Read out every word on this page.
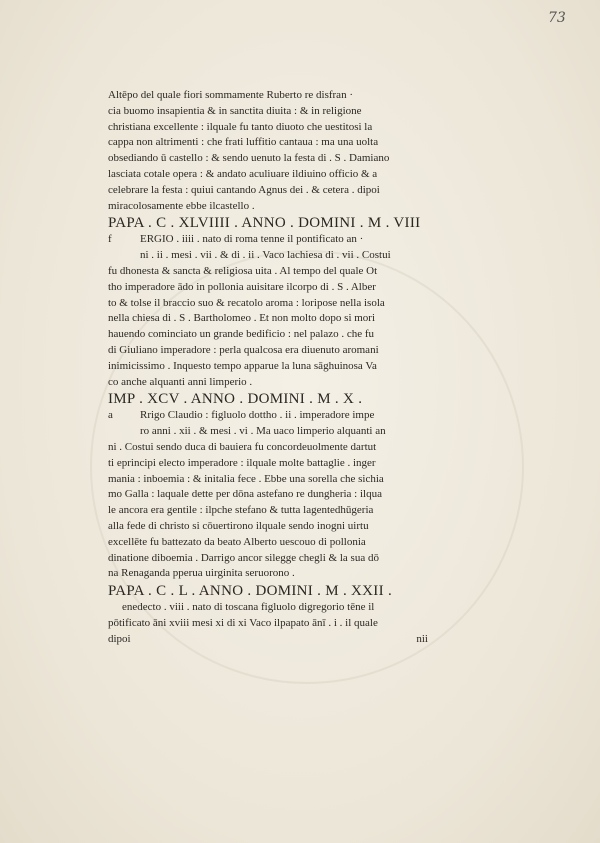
73
Altēpo del quale fiori sommamente Ruberto re disfran ·
cia buomo insapientia & in sanctita diuita : & in religione
christiana excellente : ilquale fu tanto diuoto che uestitosi la
cappa non altrimenti : che frati luffitio cantaua : ma una uolta
obsediando ū castello : & sendo uenuto la festa di . S . Damiano
lasciata cotale opera : & andato aculiuare ildiuino officio & a
celebrare la festa : quiui cantando Agnus dei . & cetera . dipoi
miracolosamente ebbe ilcastello .
PAPA . C . XLVIIII . ANNO . DOMINI . M . VIII
f	ERGIO . iiii . nato di roma tenne il pontificato an ·
ni . ii . mesi . vii . & di . ii . Vaco lachiesa di . vii . Costui
fu dhonesta & sancta & religiosa uita . Al tempo del quale Ot
tho imperadore ādo in pollonia auisitare ilcorpo di . S . Alber
to & tolse il braccio suo & recatolo aroma : loripose nella isola
nella chiesa di . S . Bartholomeo . Et non molto dopo si mori
hauendo cominciato un grande bedificio : nel palazo . che fu
di Giuliano imperadore : perla qualcosa era diuenuto aromani
inimicissimo . Inquesto tempo apparue la luna sāghuinosa Va
co anche alquanti anni limperio .
IMP . XCV . ANNO . DOMINI . M . X .
a	Rrigo Claudio : figluolo dottho . ii . imperadore impe
ro anni . xii . & mesi . vi . Ma uaco limperio alquanti an
ni . Costui sendo duca di bauiera fu concordeuolmente dartut
ti eprincipi electo imperadore : ilquale molte battaglie . inger
mania : inboemia : & initalia fece . Ebbe una sorella che sichia
mo Galla : laquale dette per dōna astefano re dungheria : ilqua
le ancora era gentile : ilpche stefano & tutta lagentedhūgeria
alla fede di christo si cōuertirono ilquale sendo inogni uirtu
excellēte fu battezato da beato Alberto uescouo di pollonia
dinatione diboemia . Darrigo ancor silegge chegli & la sua dō
na Renaganda pperua uirginita seruorono .
PAPA . C . L . ANNO . DOMINI . M . XXII .
enedecto . viii . nato di toscana figluolo digregorio tēne il
pōtificato āni xviii mesi xi di xi Vaco ilpapato ānī . i . il quale
dipoi	nii
